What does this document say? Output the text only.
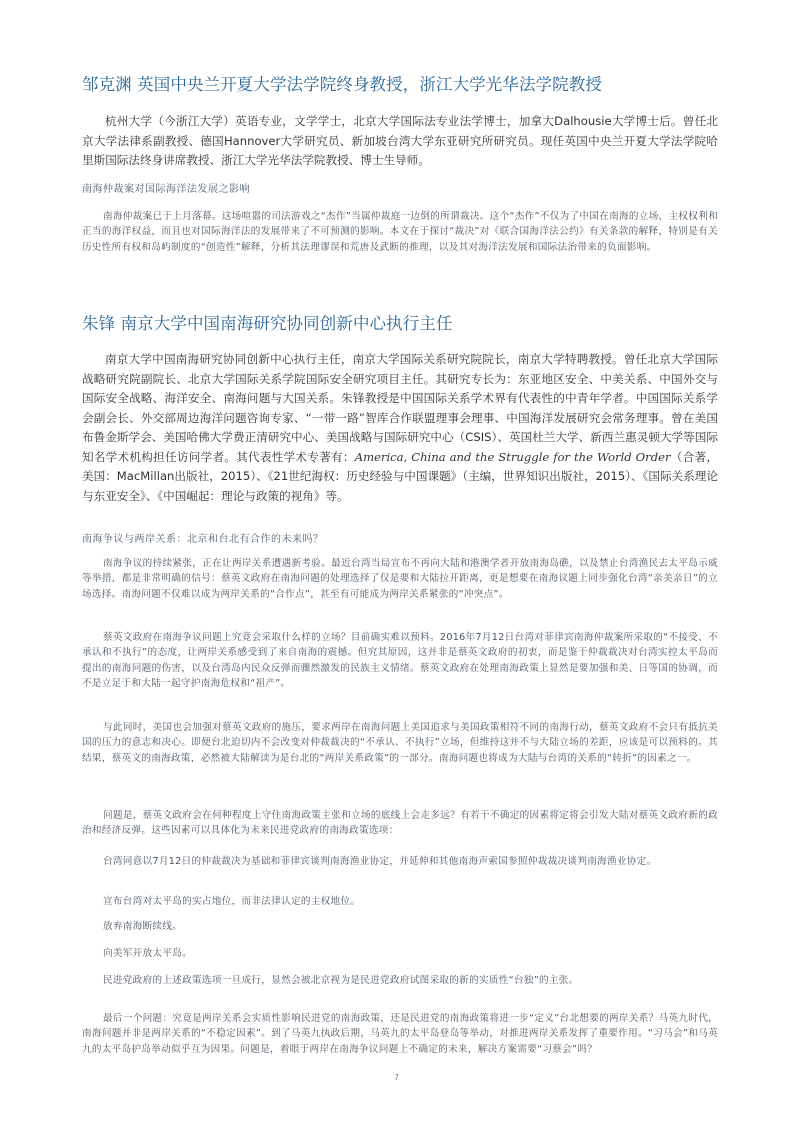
邹克渊 英国中央兰开夏大学法学院终身教授，浙江大学光华法学院教授

杭州大学（今浙江大学）英语专业，文学学士，北京大学国际法专业法学博士，加拿大Dalhousie大学博士后。曾任北京大学法律系副教授、德国Hannover大学研究员、新加坡台湾大学东亚研究所研究员。现任英国中央兰开夏大学法学院哈里斯国际法终身讲席教授、浙江大学光华法学院教授、博士生导师。

南海仲裁案对国际海洋法发展之影响

南海仲裁案已于上月落幕。这场喧嚣的司法游戏之“杰作”当属仲裁庭一边倒的所谓裁决。这个“杰作”不仅为了中国在南海的立场，主权权利和正当的海洋权益，而且也对国际海洋法的发展带来了不可预测的影响。本文在于探讨“裁决”对《联合国海洋法公约》有关条款的解释，特别是有关历史性所有权和岛屿制度的“创造性”解释，分析其法理谬误和荒唐及武断的推理，以及其对海洋法发展和国际法治带来的负面影响。

朱锋 南京大学中国南海研究协同创新中心执行主任

南京大学中国南海研究协同创新中心执行主任，南京大学国际关系研究院院长，南京大学特聘教授。曾任北京大学国际战略研究院副院长、北京大学国际关系学院国际安全研究项目主任。其研究专长为：东亚地区安全、中美关系、中国外交与国际安全战略、海洋安全、南海问题与大国关系。朱锋教授是中国国际关系学术界有代表性的中青年学者。中国国际关系学会副会长、外交部周边海洋问题咨询专家、“一带一路”智库合作联盟理事会理事、中国海洋发展研究会常务理事。曾在美国布鲁金斯学会、美国哈佛大学费正清研究中心、美国战略与国际研究中心（CSIS）、英国杜兰大学、新西兰惠灵顿大学等国际知名学术机构担任访问学者。其代表性学术专著有：America, China and the Struggle for the World Order（合著，美国：MacMillan出版社，2015）、《21世纪海权：历史经验与中国课题》（主编，世界知识出版社，2015）、《国际关系理论与东亚安全》、《中国崛起：理论与政策的视角》等。

南海争议与两岸关系：北京和台北有合作的未来吗？

南海争议的持续紧张，正在让两岸关系遭遇新考验。最近台湾当局宣布不再向大陆和港澳学者开放南海岛礁，以及禁止台湾渔民去太平岛示威等举措，都是非常明确的信号：蔡英文政府在南海问题的处理选择了仅是要和大陆拉开距离，更是想要在南海议题上同步强化台湾“亲美亲日”的立场选择。南海问题不仅难以成为两岸关系的“合作点”，甚至有可能成为两岸关系紧张的“冲突点”。

蔡英文政府在南海争议问题上究竟会采取什么样的立场？目前确实难以预料。2016年7月12日台湾对菲律宾南海仲裁案所采取的“不接受、不承认和不执行”的态度，让两岸关系感受到了来自南海的震撼。但究其原因，这并非是蔡英文政府的初衷，而是鉴于仲裁裁决对台湾实控太平岛而提出的南海问题的伤害，以及台湾岛内民众反弹而骤然激发的民族主义情绪。蔡英文政府在处理南海政策上显然是要加强和美、日等国的协调，而不是立足于和大陆一起守护南海危权和“祖产”。

与此同时，美国也会加强对蔡英文政府的施压，要求两岸在南海问题上美国追求与美国政策相符不同的南海行动，蔡英文政府不会只有抵抗美国的压力的意志和决心。即便台北迫切内不会改变对仲裁裁决的“不承认、不执行”立场，但维持这并不与大陆立场的差距，应该是可以预料的。其结果，蔡英文的南海政策，必然被大陆解读为是台北的“两岸关系政策”的一部分。南海问题也将成为大陆与台湾的关系的“转折”的因素之一。

问题是，蔡英文政府会在何种程度上守住南海政策主张和立场的底线上会走多远？有若干不确定的因素将定将会引发大陆对蔡英文政府新的政治和经济反弹。这些因素可以具体化为未来民进党政府的南海政策选项：

台湾同意以7月12日的仲裁裁决为基础和菲律宾谈判南海渔业协定，并延伸和其他南海声索国参照仲裁裁决谈判南海渔业协定。

宣布台湾对太平岛的实占地位，而非法律认定的主权地位。

放弃南海断续线。

向美军开放太平岛。

民进党政府的上述政策选项一旦成行，显然会被北京视为是民进党政府试图采取的新的实质性“台独”的主张。

最后一个问题：究竟是两岸关系会实质性影响民进党的南海政策，还是民进党的南海政策将进一步“定义”台北想要的两岸关系？马英九时代，南海问题并非是两岸关系的“不稳定因素”。到了马英九执政后期，马英九的太平岛登岛等举动，对推进两岸关系发挥了重要作用。“习马会”和马英九的太平岛护岛举动似乎互为因果。问题是，着眼于两岸在南海争议问题上不确定的未来，解决方案需要“习蔡会”吗？

7
